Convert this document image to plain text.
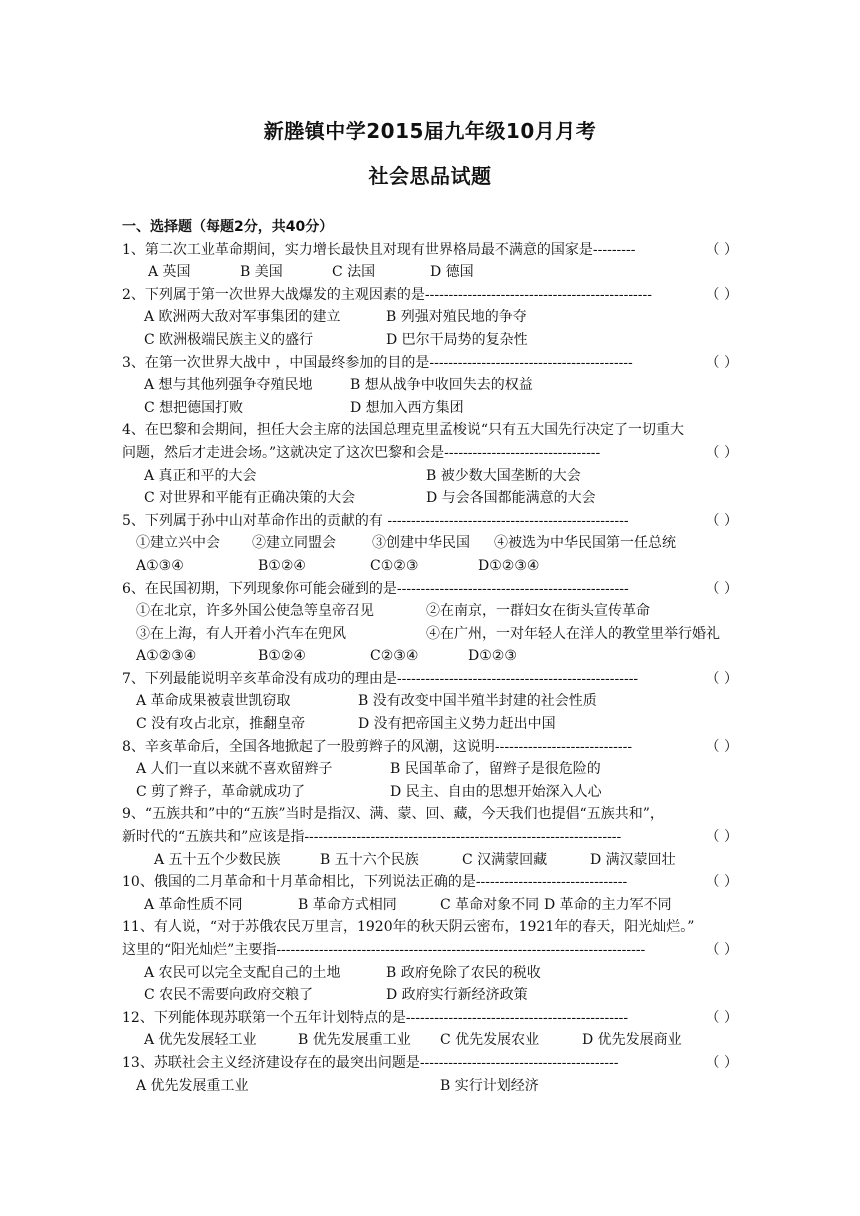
新塍镇中学2015届九年级10月月考
社会思品试题
一、选择题（每题2分，共40分）
1、第二次工业革命期间，实力增长最快且对现有世界格局最不满意的国家是---------	（ ）
A 英国	B 美国	C 法国	D 德国
2、下列属于第一次世界大战爆发的主观因素的是------------------------------------------------	（ ）
A 欧洲两大敌对军事集团的建立	B 列强对殖民地的争夺
C 欧洲极端民族主义的盛行	D 巴尔干局势的复杂性
3、在第一次世界大战中 ，中国最终参加的目的是-------------------------------------------	（ ）
A 想与其他列强争夺殖民地	B 想从战争中收回失去的权益
C 想把德国打败	D 想加入西方集团
4、在巴黎和会期间，担任大会主席的法国总理克里孟梭说“只有五大国先行决定了一切重大
问题，然后才走进会场。”这就决定了这次巴黎和会是---------------------------------	（ ）
A 真正和平的大会	B 被少数大国垄断的大会
C 对世界和平能有正确决策的大会	D 与会各国都能满意的大会
5、下列属于孙中山对革命作出的贡献的有 ---------------------------------------------------	（ ）
①建立兴中会 ②建立同盟会	③创建中华民国 ④被选为中华民国第一任总统
A①③④	B①②④	C①②③	D①②③④
6、在民国初期，下列现象你可能会碰到的是-------------------------------------------------	（ ）
①在北京，许多外国公使急等皇帝召见	②在南京，一群妇女在街头宣传革命
③在上海，有人开着小汽车在兜风	④在广州，一对年轻人在洋人的教堂里举行婚礼
A①②③④	B①②④	C②③④	D①②③
7、下列最能说明辛亥革命没有成功的理由是---------------------------------------------------	（ ）
A 革命成果被袁世凯窃取	B 没有改变中国半殖半封建的社会性质
C 没有攻占北京，推翻皇帝	D 没有把帝国主义势力赶出中国
8、辛亥革命后，全国各地掀起了一股剪辫子的风潮，这说明-----------------------------	（ ）
A 人们一直以来就不喜欢留辫子	B 民国革命了，留辫子是很危险的
C 剪了辫子，革命就成功了	D 民主、自由的思想开始深入人心
9、“五族共和”中的“五族”当时是指汉、满、蒙、回、藏，今天我们也提倡“五族共和”，
新时代的“五族共和”应该是指-------------------------------------------------------------------	（ ）
A 五十五个少数民族	B 五十六个民族	C 汉满蒙回藏	D 满汉蒙回壮
10、俄国的二月革命和十月革命相比，下列说法正确的是--------------------------------	（ ）
A 革命性质不同	B 革命方式相同	C 革命对象不同 D 革命的主力军不同
11、有人说，“对于苏俄农民万里言，1920年的秋天阴云密布，1921年的春天，阳光灿烂。”
这里的“阳光灿烂”主要指------------------------------------------------------------------------------	（ ）
A 农民可以完全支配自己的土地	B 政府免除了农民的税收
C 农民不需要向政府交粮了	D 政府实行新经济政策
12、下列能体现苏联第一个五年计划特点的是-----------------------------------------------	（ ）
A 优先发展轻工业	B 优先发展重工业 C 优先发展农业	D 优先发展商业
13、苏联社会主义经济建设存在的最突出问题是------------------------------------------	（ ）
A 优先发展重工业	B 实行计划经济
